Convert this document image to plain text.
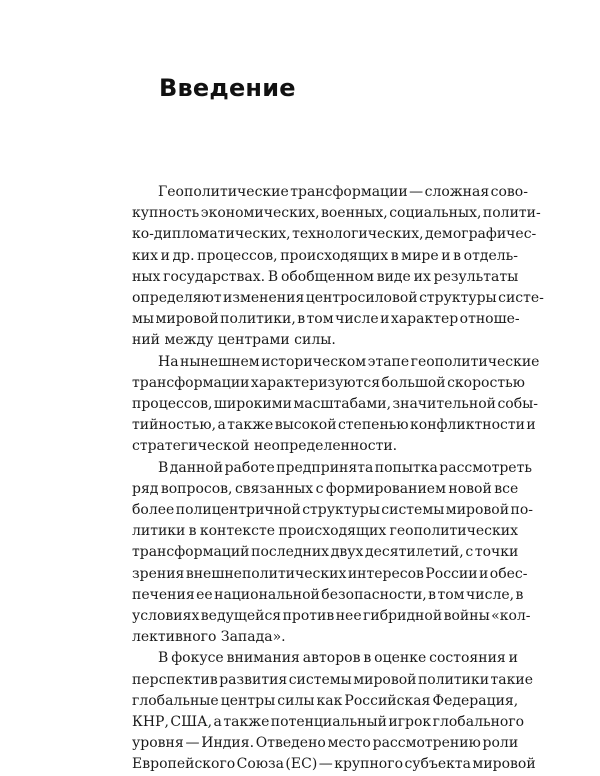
Введение
Геополитические трансформации — сложная сово-
купность экономических, военных, социальных, полити-
ко-дипломатических, технологических, демографичес-
ких и др. процессов, происходящих в мире и в отдель-
ных государствах. В обобщенном виде их результаты
определяют изменения центросиловой структуры систе-
мы мировой политики, в том числе и характер отноше-
ний между центрами силы.
На нынешнем историческом этапе геополитические
трансформации характеризуются большой скоростью
процессов, широкими масштабами, значительной собы-
тийностью, а также высокой степенью конфликтности и
стратегической неопределенности.
В данной работе предпринята попытка рассмотреть
ряд вопросов, связанных с формированием новой все
более полицентричной структуры системы мировой по-
литики в контексте происходящих геополитических
трансформаций последних двух десятилетий, с точки
зрения внешнеполитических интересов России и обес-
печения ее национальной безопасности, в том числе, в
условиях ведущейся против нее гибридной войны «кол-
лективного Запада».
В фокусе внимания авторов в оценке состояния и
перспектив развития системы мировой политики такие
глобальные центры силы как Российская Федерация,
КНР, США, а также потенциальный игрок глобального
уровня — Индия. Отведено место рассмотрению роли
Европейского Союза (ЕС) — крупного субъекта мировой
